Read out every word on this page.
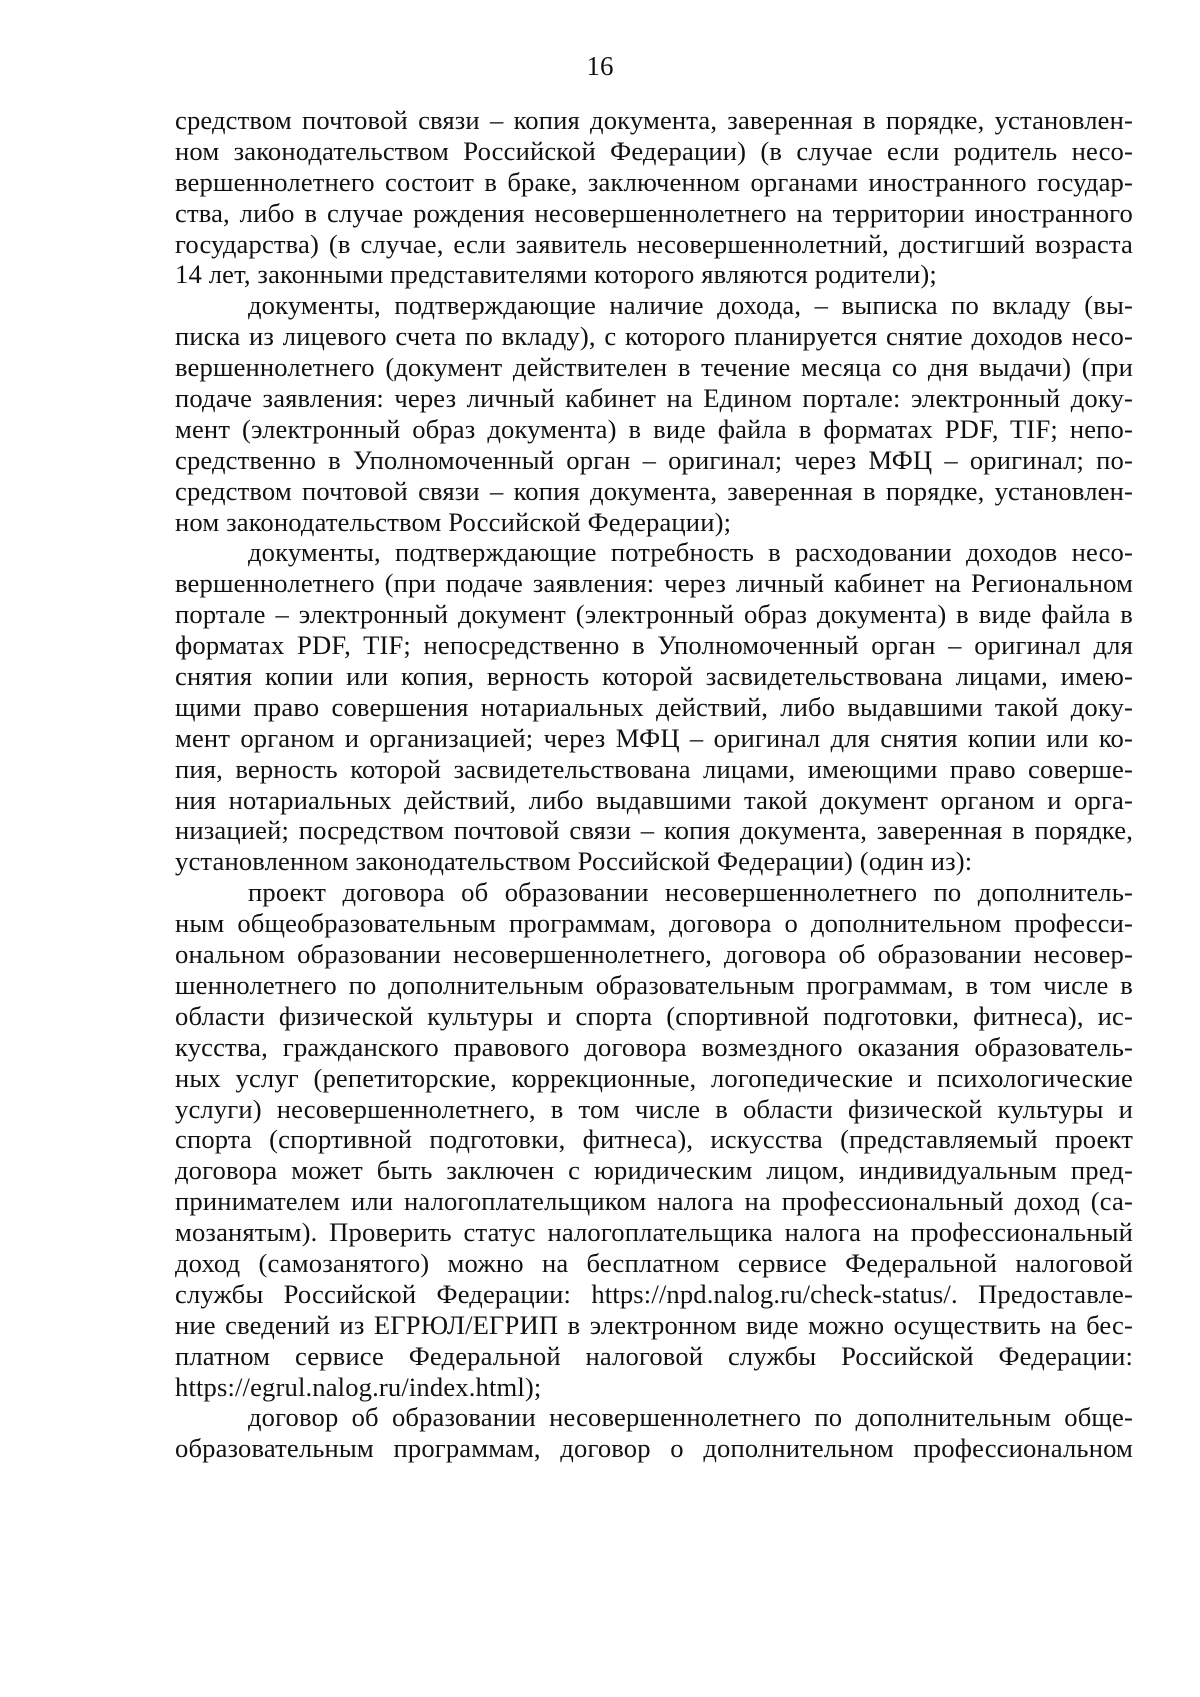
16
средством почтовой связи – копия документа, заверенная в порядке, установлен-
ном законодательством Российской Федерации) (в случае если родитель несо-
вершеннолетнего состоит в браке, заключенном органами иностранного государ-
ства, либо в случае рождения несовершеннолетнего на территории иностранного
государства) (в случае, если заявитель несовершеннолетний, достигший возраста
14 лет, законными представителями которого являются родители);
документы, подтверждающие наличие дохода, – выписка по вкладу (вы-
писка из лицевого счета по вкладу), с которого планируется снятие доходов несо-
вершеннолетнего (документ действителен в течение месяца со дня выдачи) (при
подаче заявления: через личный кабинет на Едином портале: электронный доку-
мент (электронный образ документа) в виде файла в форматах PDF, TIF; непо-
средственно в Уполномоченный орган – оригинал; через МФЦ – оригинал; по-
средством почтовой связи – копия документа, заверенная в порядке, установлен-
ном законодательством Российской Федерации);
документы, подтверждающие потребность в расходовании доходов несо-
вершеннолетнего (при подаче заявления: через личный кабинет на Региональном
портале – электронный документ (электронный образ документа) в виде файла в
форматах PDF, TIF; непосредственно в Уполномоченный орган – оригинал для
снятия копии или копия, верность которой засвидетельствована лицами, имею-
щими право совершения нотариальных действий, либо выдавшими такой доку-
мент органом и организацией; через МФЦ – оригинал для снятия копии или ко-
пия, верность которой засвидетельствована лицами, имеющими право соверше-
ния нотариальных действий, либо выдавшими такой документ органом и орга-
низацией; посредством почтовой связи – копия документа, заверенная в порядке,
установленном законодательством Российской Федерации) (один из):
проект договора об образовании несовершеннолетнего по дополнитель-
ным общеобразовательным программам, договора о дополнительном професси-
ональном образовании несовершеннолетнего, договора об образовании несовер-
шеннолетнего по дополнительным образовательным программам, в том числе в
области физической культуры и спорта (спортивной подготовки, фитнеса), ис-
кусства, гражданского правового договора возмездного оказания образователь-
ных услуг (репетиторские, коррекционные, логопедические и психологические
услуги) несовершеннолетнего, в том числе в области физической культуры и
спорта (спортивной подготовки, фитнеса), искусства (представляемый проект
договора может быть заключен с юридическим лицом, индивидуальным пред-
принимателем или налогоплательщиком налога на профессиональный доход (са-
мозанятым). Проверить статус налогоплательщика налога на профессиональный
доход (самозанятого) можно на бесплатном сервисе Федеральной налоговой
службы Российской Федерации: https://npd.nalog.ru/check-status/. Предоставле-
ние сведений из ЕГРЮЛ/ЕГРИП в электронном виде можно осуществить на бес-
платном сервисе Федеральной налоговой службы Российской Федерации:
https://egrul.nalog.ru/index.html);
договор об образовании несовершеннолетнего по дополнительным обще-
образовательным программам, договор о дополнительном профессиональном
